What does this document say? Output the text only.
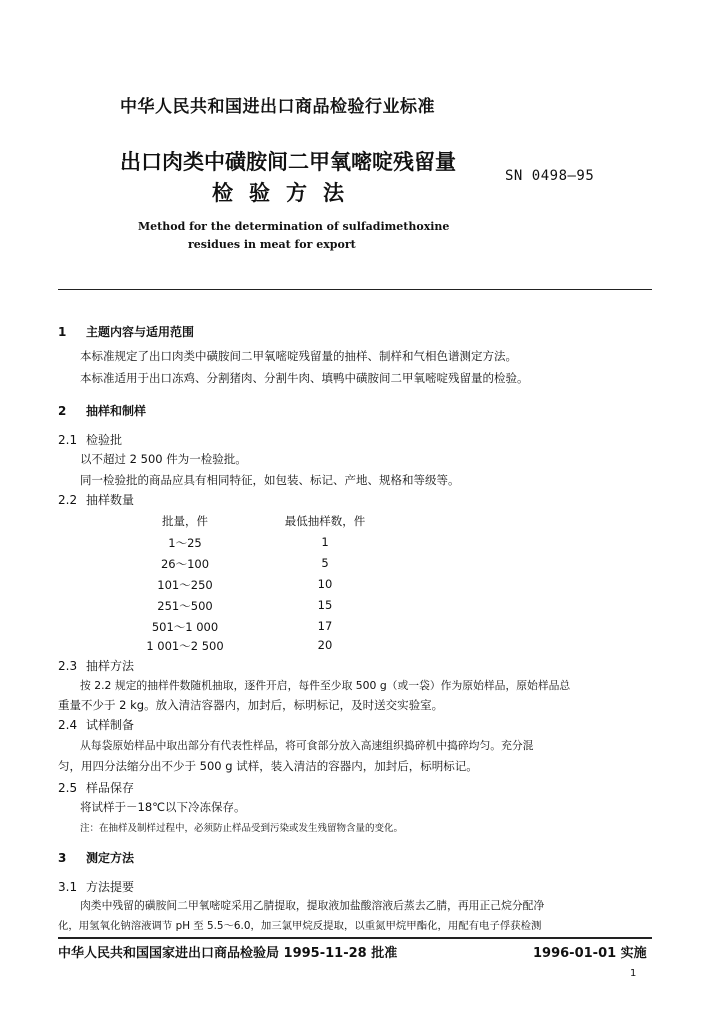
中华人民共和国进出口商品检验行业标准
出口肉类中磺胺间二甲氧嘧啶残留量
检验方法
SN 0498—95
Method for the determination of sulfadimethoxine
residues in meat for export
1 主题内容与适用范围
本标准规定了出口肉类中磺胺间二甲氧嘧啶残留量的抽样、制样和气相色谱测定方法。
本标准适用于出口冻鸡、分割猪肉、分割牛肉、填鸭中磺胺间二甲氧嘧啶残留量的检验。
2 抽样和制样
2.1 检验批
以不超过 2 500 件为一检验批。
同一检验批的商品应具有相同特征，如包装、标记、产地、规格和等级等。
2.2 抽样数量
批量，件	最低抽样数，件
1～25	1
26～100	5
101～250	10
251～500	15
501～1 000	17
1 001～2 500	20
2.3 抽样方法
按 2.2 规定的抽样件数随机抽取，逐件开启，每件至少取 500 g（或一袋）作为原始样品，原始样品总
重量不少于 2 kg。放入清洁容器内，加封后，标明标记，及时送交实验室。
2.4 试样制备
从每袋原始样品中取出部分有代表性样品，将可食部分放入高速组织捣碎机中捣碎均匀。充分混
匀，用四分法缩分出不少于 500 g 试样，装入清洁的容器内，加封后，标明标记。
2.5 样品保存
将试样于－18℃以下冷冻保存。
注：在抽样及制样过程中，必须防止样品受到污染或发生残留物含量的变化。
3 测定方法
3.1 方法提要
肉类中残留的磺胺间二甲氧嘧啶采用乙腈提取，提取液加盐酸溶液后蒸去乙腈，再用正己烷分配净
化，用氢氧化钠溶液调节 pH 至 5.5～6.0，加三氯甲烷反提取，以重氮甲烷甲酯化，用配有电子俘获检测
中华人民共和国国家进出口商品检验局 1995-11-28 批准	1996-01-01 实施
1
